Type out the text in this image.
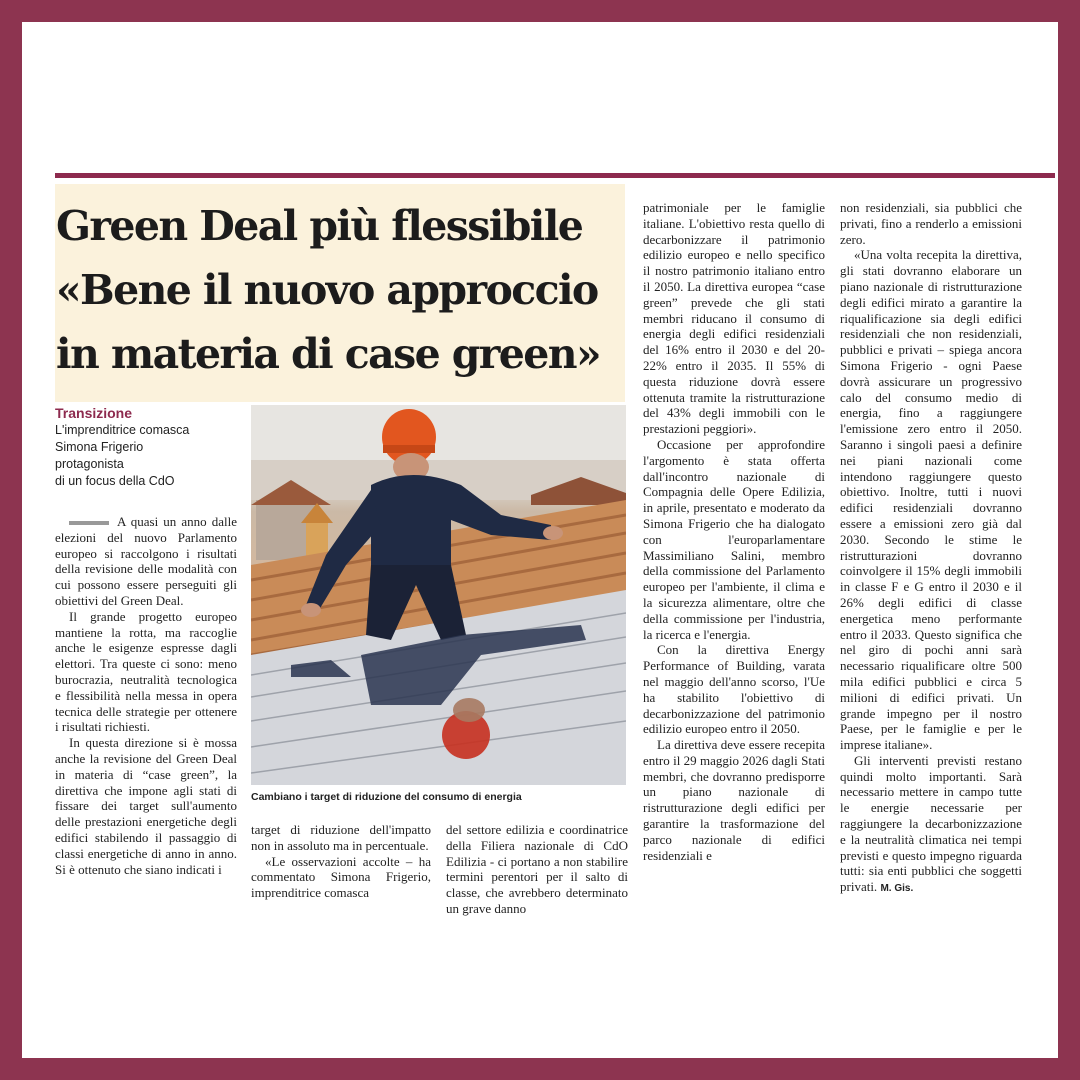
Green Deal più flessibile
«Bene il nuovo approccio
in materia di case green»
Transizione
L'imprenditrice comasca
Simona Frigerio
protagonista
di un focus della CdO
Cambiano i target di riduzione del consumo di energia

A quasi un anno dalle elezioni del nuovo Parlamento europeo si raccolgono i risultati della revisione delle modalità con cui possono essere perseguiti gli obiettivi del Green Deal.

Il grande progetto europeo mantiene la rotta, ma raccoglie anche le esigenze espresse dagli elettori. Tra queste ci sono: meno burocrazia, neutralità tecnologica e flessibilità nella messa in opera tecnica delle strategie per ottenere i risultati richiesti.

In questa direzione si è mossa anche la revisione del Green Deal in materia di “case green”, la direttiva che impone agli stati di fissare dei target sull'aumento delle prestazioni energetiche degli edifici stabilendo il passaggio di classi energetiche di anno in anno. Si è ottenuto che siano indicati i

target di riduzione dell'impatto non in assoluto ma in percentuale.

«Le osservazioni accolte – ha commentato Simona Frigerio, imprenditrice comasca

del settore edilizia e coordinatrice della Filiera nazionale di CdO Edilizia - ci portano a non stabilire termini perentori per il salto di classe, che avrebbero determinato un grave danno

patrimoniale per le famiglie italiane. L'obiettivo resta quello di decarbonizzare il patrimonio edilizio europeo e nello specifico il nostro patrimonio italiano entro il 2050. La direttiva europea “case green” prevede che gli stati membri riducano il consumo di energia degli edifici residenziali del 16% entro il 2030 e del 20-22% entro il 2035. Il 55% di questa riduzione dovrà essere ottenuta tramite la ristrutturazione del 43% degli immobili con le prestazioni peggiori».

Occasione per approfondire l'argomento è stata offerta dall'incontro nazionale di Compagnia delle Opere Edilizia, in aprile, presentato e moderato da Simona Frigerio che ha dialogato con l'europarlamentare Massimiliano Salini, membro della commissione del Parlamento europeo per l'ambiente, il clima e la sicurezza alimentare, oltre che della commissione per l'industria, la ricerca e l'energia.

Con la direttiva Energy Performance of Building, varata nel maggio dell'anno scorso, l'Ue ha stabilito l'obiettivo di decarbonizzazione del patrimonio edilizio europeo entro il 2050.

La direttiva deve essere recepita entro il 29 maggio 2026 dagli Stati membri, che dovranno predisporre un piano nazionale di ristrutturazione degli edifici per garantire la trasformazione del parco nazionale di edifici residenziali e

non residenziali, sia pubblici che privati, fino a renderlo a emissioni zero.

«Una volta recepita la direttiva, gli stati dovranno elaborare un piano nazionale di ristrutturazione degli edifici mirato a garantire la riqualificazione sia degli edifici residenziali che non residenziali, pubblici e privati – spiega ancora Simona Frigerio - ogni Paese dovrà assicurare un progressivo calo del consumo medio di energia, fino a raggiungere l'emissione zero entro il 2050. Saranno i singoli paesi a definire nei piani nazionali come intendono raggiungere questo obiettivo. Inoltre, tutti i nuovi edifici residenziali dovranno essere a emissioni zero già dal 2030. Secondo le stime le ristrutturazioni dovranno coinvolgere il 15% degli immobili in classe F e G entro il 2030 e il 26% degli edifici di classe energetica meno performante entro il 2033. Questo significa che nel giro di pochi anni sarà necessario riqualificare oltre 500 mila edifici pubblici e circa 5 milioni di edifici privati. Un grande impegno per il nostro Paese, per le famiglie e per le imprese italiane».

Gli interventi previsti restano quindi molto importanti. Sarà necessario mettere in campo tutte le energie necessarie per raggiungere la decarbonizzazione e la neutralità climatica nei tempi previsti e questo impegno riguarda tutti: sia enti pubblici che soggetti privati. M. Gis.
